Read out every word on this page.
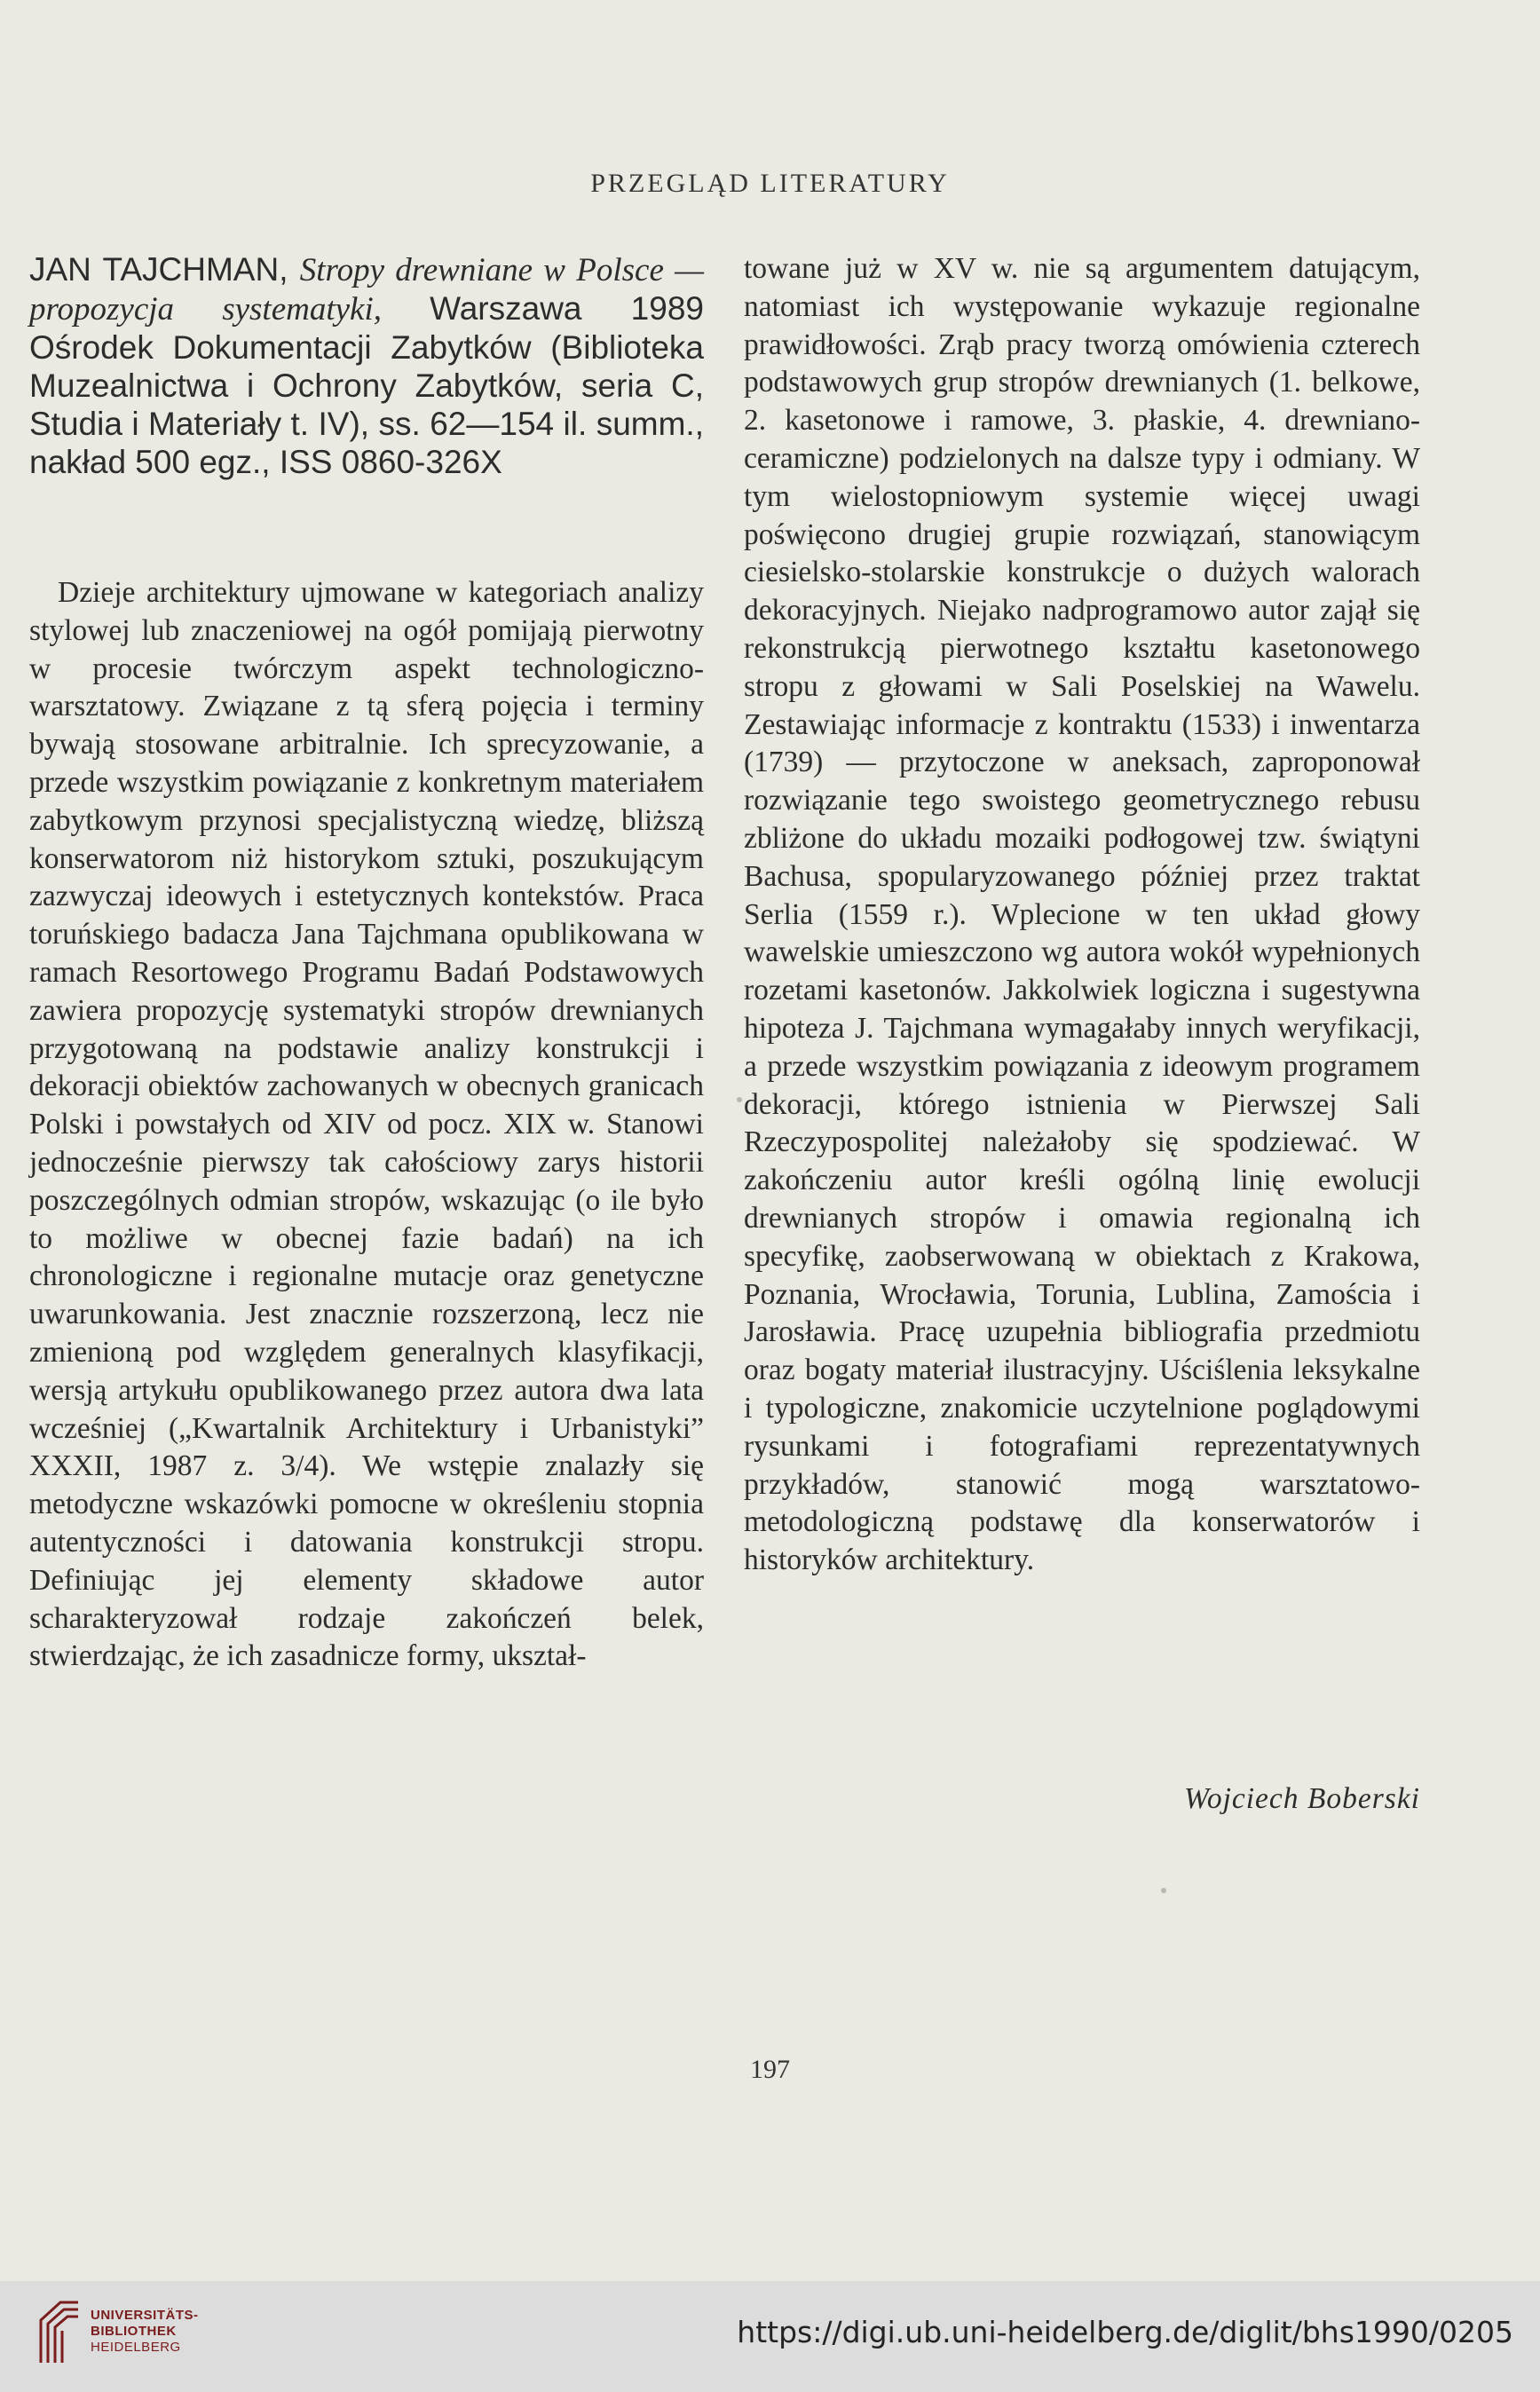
PRZEGLĄD LITERATURY

JAN TAJCHMAN, Stropy drewniane w Polsce — propozycja systematyki, Warszawa 1989 Ośrodek Dokumentacji Zabytków (Biblioteka Muzealnictwa i Ochrony Zabytków, seria C, Studia i Materiały t. IV), ss. 62—154 il. summ., nakład 500 egz., ISS 0860-326X

Dzieje architektury ujmowane w kategoriach analizy stylowej lub znaczeniowej na ogół pomijają pierwotny w procesie twórczym aspekt technologiczno-warsztatowy. Związane z tą sferą pojęcia i terminy bywają stosowane arbitralnie. Ich sprecyzowanie, a przede wszystkim powiązanie z konkretnym materiałem zabytkowym przynosi specjalistyczną wiedzę, bliższą konserwatorom niż historykom sztuki, poszukującym zazwyczaj ideowych i estetycznych kontekstów. Praca toruńskiego badacza Jana Tajchmana opublikowana w ramach Resortowego Programu Badań Podstawowych zawiera propozycję systematyki stropów drewnianych przygotowaną na podstawie analizy konstrukcji i dekoracji obiektów zachowanych w obecnych granicach Polski i powstałych od XIV od pocz. XIX w. Stanowi jednocześnie pierwszy tak całościowy zarys historii poszczególnych odmian stropów, wskazując (o ile było to możliwe w obecnej fazie badań) na ich chronologiczne i regionalne mutacje oraz genetyczne uwarunkowania. Jest znacznie rozszerzoną, lecz nie zmienioną pod względem generalnych klasyfikacji, wersją artykułu opublikowanego przez autora dwa lata wcześniej („Kwartalnik Architektury i Urbanistyki” XXXII, 1987 z. 3/4). We wstępie znalazły się metodyczne wskazówki pomocne w określeniu stopnia autentyczności i datowania konstrukcji stropu. Definiując jej elementy składowe autor scharakteryzował rodzaje zakończeń belek, stwierdzając, że ich zasadnicze formy, ukształ-

towane już w XV w. nie są argumentem datującym, natomiast ich występowanie wykazuje regionalne prawidłowości. Zrąb pracy tworzą omówienia czterech podstawowych grup stropów drewnianych (1. belkowe, 2. kasetonowe i ramowe, 3. płaskie, 4. drewniano-ceramiczne) podzielonych na dalsze typy i odmiany. W tym wielostopniowym systemie więcej uwagi poświęcono drugiej grupie rozwiązań, stanowiącym ciesielsko-stolarskie konstrukcje o dużych walorach dekoracyjnych. Niejako nadprogramowo autor zajął się rekonstrukcją pierwotnego kształtu kasetonowego stropu z głowami w Sali Poselskiej na Wawelu. Zestawiając informacje z kontraktu (1533) i inwentarza (1739) — przytoczone w aneksach, zaproponował rozwiązanie tego swoistego geometrycznego rebusu zbliżone do układu mozaiki podłogowej tzw. świątyni Bachusa, spopularyzowanego później przez traktat Serlia (1559 r.). Wplecione w ten układ głowy wawelskie umieszczono wg autora wokół wypełnionych rozetami kasetonów. Jakkolwiek logiczna i sugestywna hipoteza J. Tajchmana wymagałaby innych weryfikacji, a przede wszystkim powiązania z ideowym programem dekoracji, którego istnienia w Pierwszej Sali Rzeczypospolitej należałoby się spodziewać. W zakończeniu autor kreśli ogólną linię ewolucji drewnianych stropów i omawia regionalną ich specyfikę, zaobserwowaną w obiektach z Krakowa, Poznania, Wrocławia, Torunia, Lublina, Zamościa i Jarosławia. Pracę uzupełnia bibliografia przedmiotu oraz bogaty materiał ilustracyjny. Uściślenia leksykalne i typologiczne, znakomicie uczytelnione poglądowymi rysunkami i fotografiami reprezentatywnych przykładów, stanowić mogą warsztatowo-metodologiczną podstawę dla konserwatorów i historyków architektury.

Wojciech Boberski
197
UNIVERSITÄTS-
BIBLIOTHEK
HEIDELBERG	https://digi.ub.uni-heidelberg.de/diglit/bhs1990/0205
